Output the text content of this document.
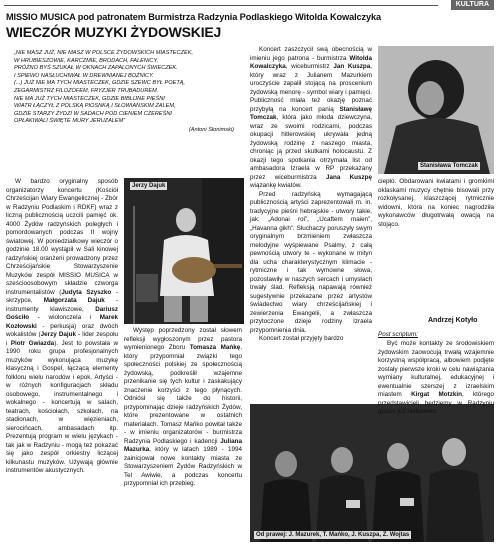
KULTURA
MISSIO MUSICA pod patronatem Burmistrza Radzynia Podlaskiego Witolda Kowalczyka
WIECZÓR MUZYKI ŻYDOWSKIEJ
„NIE MASZ JUŻ, NIE MASZ W POLSCE ŻYDOWSKICH MIASTECZEK,
W HRUBIESZOWIE, KARCZMIE, BRODACH, FALENICY,
PRÓŻNO BYŚ SZUKAŁ W OKNACH ZAPALONYCH ŚWIECZEK.
I SPIEWU NASŁUCHIWAŁ W DREWNIANEJ BOŻNICY.
(...) JUŻ NIE MA TYCH MIASTECZEK, GDZIE SZEWC BYŁ POETĄ,
ZEGARMISTRZ FILOZOFEM, FRYZJER TRUBADUREM.
NIE MA JUŻ TYCH MIASTECZEK, GDZIE BIBLIJNE PIEŚNI
WIATR ŁĄCZYŁ Z POLSKĄ PIOSNKĄ I SŁOWIAŃSKIM ŻALEM,
GDZIE STARZY ŻYDZI W SADACH POD CIENIEM CZEREŚNI
OPŁAKIWALI ŚWIĘTE MURY JERUZALEM”
(Antoni Słonimski)
Jerzy Dajuk
Stanisława Tomczak
Od prawej: J. Mazurek, T. Mańko, J. Kuszpa, Z. Wojtas

W bardzo oryginalny sposób organizatorzy koncertu (Kościół Chrześcijan Wiary Ewangelicznej - Zbór w Radzyniu Podlaskim i RDKF) wraz z liczną publicznością uczcili pamięć ok. 4000 Żydów radzyńskich poległych i pomordowanych podczas II wojny światowej. W poniedziałkowy wieczór o godzinie 18.00 wystąpił w Sali kinowej radzyńskiej oranżerii prowadzony przez Chrześcijańskie Stowarzyszenie Muzyków zespół MISSIO MUSICA w sześcioosobowym składzie czworga instrumentalistów (Judyta Szyszko - skrzypce, Małgorzata Dajuk - instrumenty klawiszowe, Dariusz Gościło - wiolonczela i Marek Kozłowski - perkusja) oraz dwóch wokalistów (Jerzy Dajuk - lider zespołu i Piotr Gwiazda). Jest to powstała w 1990 roku grupa profesjonalnych muzyków wykonująca muzykę klasyczną i Gospel, łączącą elementy folkloru wielu narodów i epok. Artyści - w różnych konfiguracjach składu osobowego, instrumentalnego i wokalnego - koncertują w salach, teatrach, kościołach, szkołach, na stadionach, w więzieniach, sierocińcach, ambasadach itp. Prezentują program w wielu językach - tak jak w Radzyniu - mogą też pokazać się jako zespół orkiestry liczącej kilkunastu muzyków. Używają głównie instrumentów akustycznych.

Występ poprzedzony został słowem refleksji wygłoszonym przez pastora wymienionego Zboru Tomasza Mańkę, który przypomniał związki tego społeczności polskiej ze społecznością żydowską, podkreślił wzajemne przenikanie się tych kultur i zaskakujący znaczenie korzyści z tego płynących. Odniósł się także do historii, przypominając dzieje radzyńskich Żydów, które prezentowane w ostatnich materiałach. Tomasz Mańko powitał także - w imieniu organizatorów - burmistrza Radzynia Podlaskiego i kadencji Juliana Mazurka, który w latach 1989 - 1994 zainicjował nowe kontakty miasta ze Stowarzyszeniem Żydów Radzyńskich w Tel Awiwie, a podczas koncertu przypomniał ich przebieg.

Koncert zaszczycił swą obecnością w imieniu jego patrona - burmistrza Witolda Kowalczyka, wiceburmistrz Jan Kuszpa, który wraz z Julianem Mazurkiem uroczyście zapalił stojącą na proscenium żydowską menorę - symbol wiary i pamięci. Publiczność miała też okazję poznać przybyłą na koncert panią Stanisławę Tomczak, która jako młoda dziewczyna, wraz ze swoimi rodzicami, podczas okupacji hitlerowskiej ukrywała jedną żydowską rodzinę z naszego miasta, chroniąc ją przed skutkami holocaustu. Z okazji tego spotkania otrzymała list od ambasadora Izraela w RP przekazany przez wiceburmistrza Jana Kuszpę wiązankę kwiatów.

Przed radzyńską wymagającą publicznością artyści zaprezentowali m. in. tradycyjne pieśni hebrajskie - utwory takie, jak: „Adonai roi”, „Ucaftem maien”, „Havanna gikh”. Słuchaczy poruszyły swym oryginalnym brzmieniem zwłaszcza melodyjne wyśpiewane Psalmy, z całą pewnością utwory te - wykonane w mityn dla ucha charakterystycznym klimacie - rytmiczne i tak wymowne słowa, pozostawiły w naszych sercach i umysłach trwały ślad. Refleksją napawają również sugestywnie przekazane przez artystów świadectwo wiary chrześcijańskiej i zewierzenia Ewangelii, a zwłaszcza przytoczone dzieje rodziny Izraela przypomnienia dnia.

Koncert został przyjęty bardzo

ciepło. Obdarowani kwiatami i gromkimi oklaskami muzycy chętnie bisowali przy rozkołysanej, klaszczącej rytmicznie widowni, która na koniec nagrodziła wykonawców długotrwałą owacją na stojąco.

Andrzej Kotyło
Post scriptum:

Być może kontakty ze środowiskiem żydowskim zaowocują trwałą wzajemnie korzystną współpracą, albowiem podjęte zostały pierwsze kroki w celu nawiązania wymiany kulturalnej, edukacyjnej i ewentualnie szerszej z izraelskim miastem Kirgat Motzkin, którego przedstawicieli będziemy w Radzyniu gościć już niebawem.
